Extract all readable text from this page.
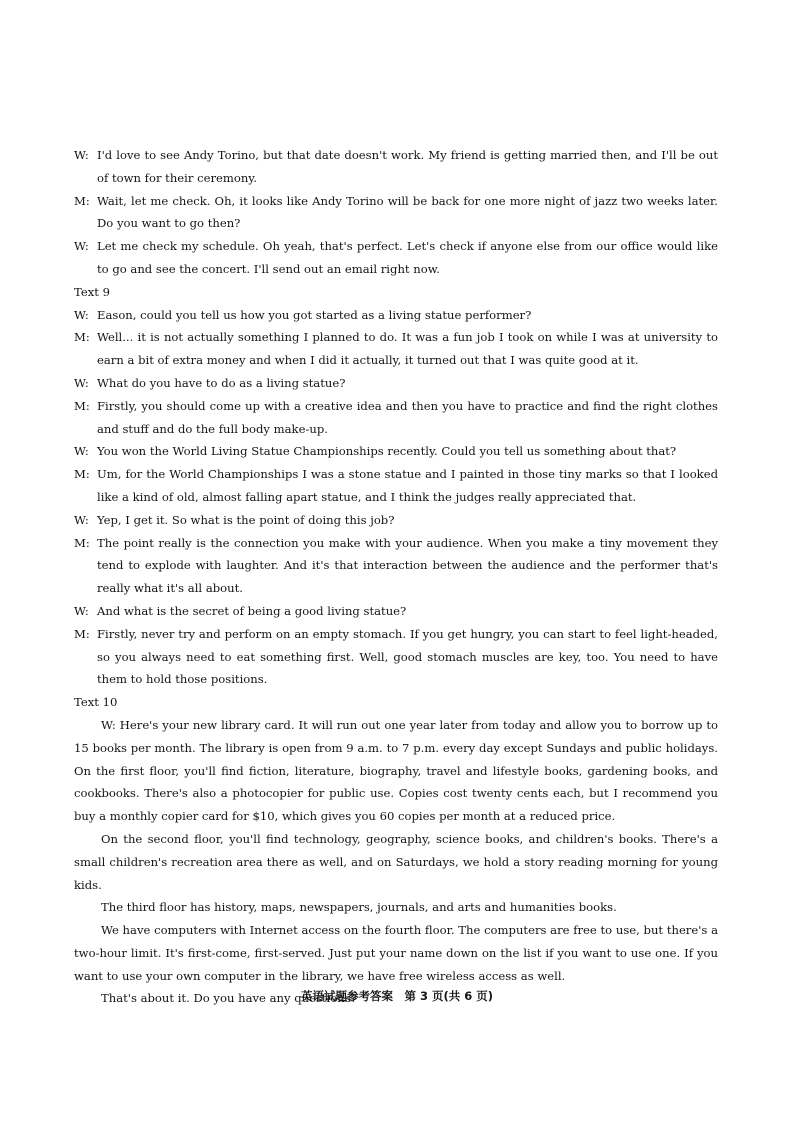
W: I'd love to see Andy Torino, but that date doesn't work. My friend is getting married then, and I'll be out of town for their ceremony.
M: Wait, let me check. Oh, it looks like Andy Torino will be back for one more night of jazz two weeks later. Do you want to go then?
W: Let me check my schedule. Oh yeah, that's perfect. Let's check if anyone else from our office would like to go and see the concert. I'll send out an email right now.
Text 9
W: Eason, could you tell us how you got started as a living statue performer?
M: Well... it is not actually something I planned to do. It was a fun job I took on while I was at university to earn a bit of extra money and when I did it actually, it turned out that I was quite good at it.
W: What do you have to do as a living statue?
M: Firstly, you should come up with a creative idea and then you have to practice and find the right clothes and stuff and do the full body make-up.
W: You won the World Living Statue Championships recently. Could you tell us something about that?
M: Um, for the World Championships I was a stone statue and I painted in those tiny marks so that I looked like a kind of old, almost falling apart statue, and I think the judges really appreciated that.
W: Yep, I get it. So what is the point of doing this job?
M: The point really is the connection you make with your audience. When you make a tiny movement they tend to explode with laughter. And it's that interaction between the audience and the performer that's really what it's all about.
W: And what is the secret of being a good living statue?
M: Firstly, never try and perform on an empty stomach. If you get hungry, you can start to feel light-headed, so you always need to eat something first. Well, good stomach muscles are key, too. You need to have them to hold those positions.
Text 10

W: Here's your new library card. It will run out one year later from today and allow you to borrow up to 15 books per month. The library is open from 9 a.m. to 7 p.m. every day except Sundays and public holidays. On the first floor, you'll find fiction, literature, biography, travel and lifestyle books, gardening books, and cookbooks. There's also a photocopier for public use. Copies cost twenty cents each, but I recommend you buy a monthly copier card for $10, which gives you 60 copies per month at a reduced price.

On the second floor, you'll find technology, geography, science books, and children's books. There's a small children's recreation area there as well, and on Saturdays, we hold a story reading morning for young kids.

The third floor has history, maps, newspapers, journals, and arts and humanities books.

We have computers with Internet access on the fourth floor. The computers are free to use, but there's a two-hour limit. It's first-come, first-served. Just put your name down on the list if you want to use one. If you want to use your own computer in the library, we have free wireless access as well.

That's about it. Do you have any questions?

英语试题参考答案　第 3 页(共 6 页)
